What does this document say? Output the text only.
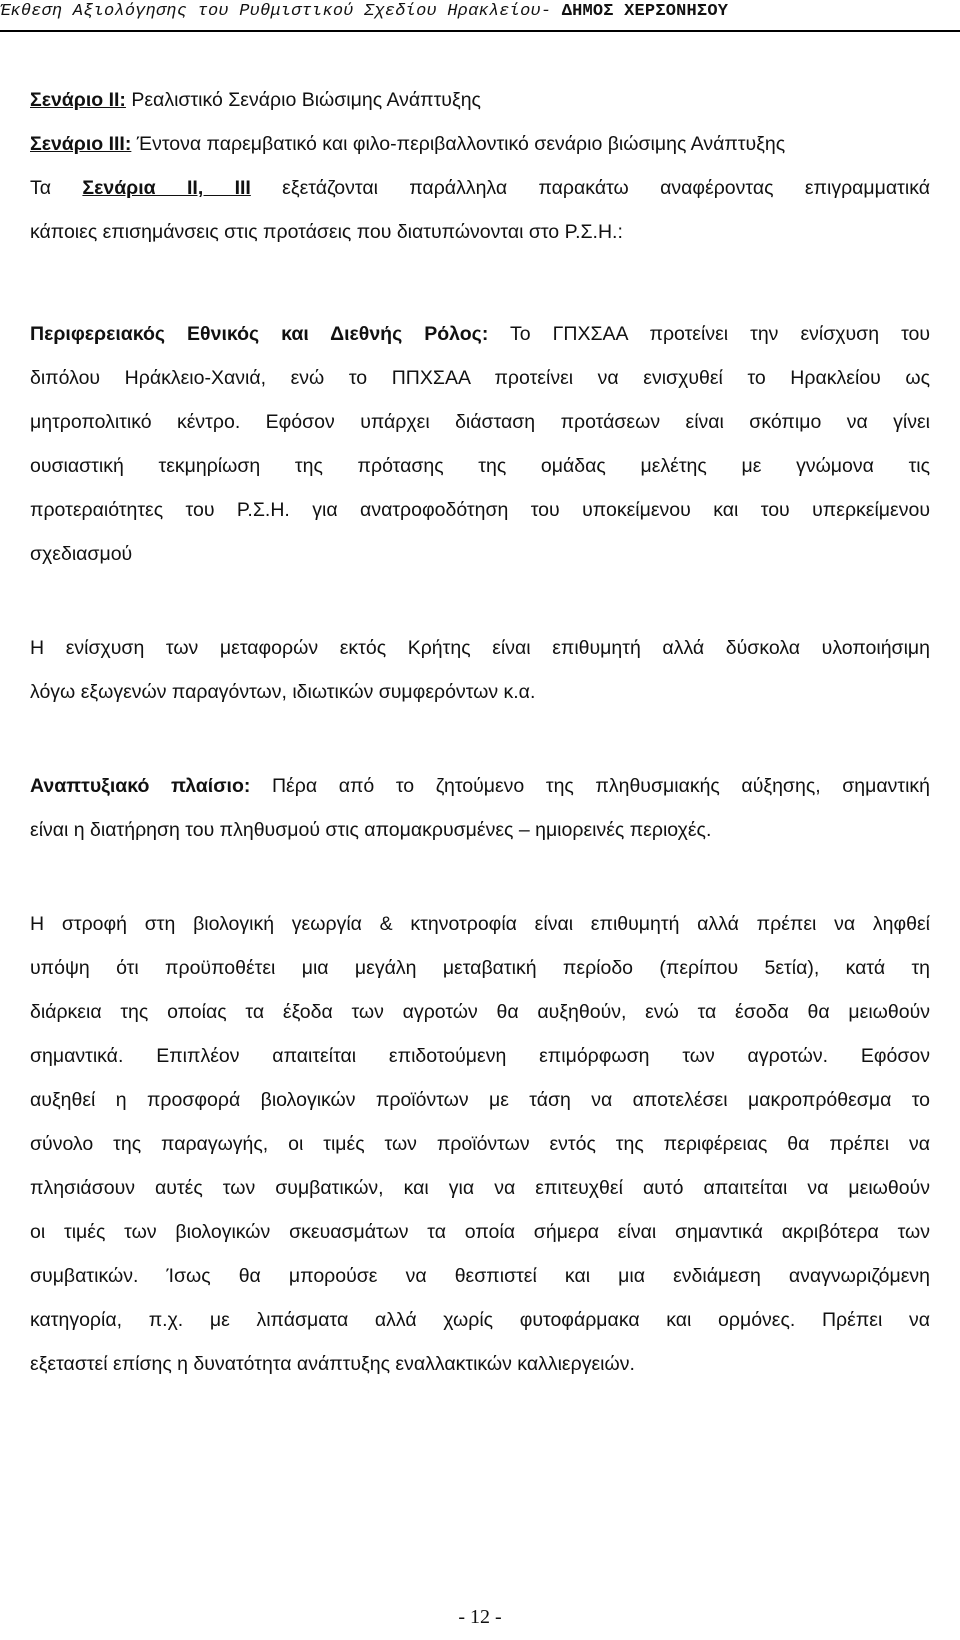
Έκθεση Αξιολόγησης του Ρυθμιστικού Σχεδίου Ηρακλείου- ΔΗΜΟΣ ΧΕΡΣΟΝΗΣΟΥ
Σενάριο ΙΙ: Ρεαλιστικό Σενάριο Βιώσιμης Ανάπτυξης
Σενάριο ΙΙΙ: Έντονα παρεμβατικό και φιλο-περιβαλλοντικό σενάριο βιώσιμης Ανάπτυξης
Τα Σενάρια ΙΙ, ΙΙΙ εξετάζονται παράλληλα παρακάτω αναφέροντας επιγραμματικά
κάποιες επισημάνσεις στις προτάσεις που διατυπώνονται στο Ρ.Σ.Η.:
Περιφερειακός Εθνικός και Διεθνής Ρόλος: Το ΓΠΧΣΑΑ προτείνει την ενίσχυση του
διπόλου Ηράκλειο-Χανιά, ενώ το ΠΠΧΣΑΑ προτείνει να ενισχυθεί το Ηρακλείου ως
μητροπολιτικό κέντρο. Εφόσον υπάρχει διάσταση προτάσεων είναι σκόπιμο να γίνει
ουσιαστική τεκμηρίωση της πρότασης της ομάδας μελέτης με γνώμονα τις
προτεραιότητες του Ρ.Σ.Η. για ανατροφοδότηση του υποκείμενου και του υπερκείμενου
σχεδιασμού
Η ενίσχυση των μεταφορών εκτός Κρήτης είναι επιθυμητή αλλά δύσκολα υλοποιήσιμη
λόγω εξωγενών παραγόντων, ιδιωτικών συμφερόντων κ.α.
Αναπτυξιακό πλαίσιο: Πέρα από το ζητούμενο της πληθυσμιακής αύξησης, σημαντική
είναι η διατήρηση του πληθυσμού στις απομακρυσμένες – ημιορεινές περιοχές.
Η στροφή στη βιολογική γεωργία & κτηνοτροφία είναι επιθυμητή αλλά πρέπει να ληφθεί
υπόψη ότι προϋποθέτει μια μεγάλη μεταβατική περίοδο (περίπου 5ετία), κατά τη
διάρκεια της οποίας τα έξοδα των αγροτών θα αυξηθούν, ενώ τα έσοδα θα μειωθούν
σημαντικά. Επιπλέον απαιτείται επιδοτούμενη επιμόρφωση των αγροτών. Εφόσον
αυξηθεί η προσφορά βιολογικών προϊόντων με τάση να αποτελέσει μακροπρόθεσμα το
σύνολο της παραγωγής, οι τιμές των προϊόντων εντός της περιφέρειας θα πρέπει να
πλησιάσουν αυτές των συμβατικών, και για να επιτευχθεί αυτό απαιτείται να μειωθούν
οι τιμές των βιολογικών σκευασμάτων τα οποία σήμερα είναι σημαντικά ακριβότερα των
συμβατικών. Ίσως θα μπορούσε να θεσπιστεί και μια ενδιάμεση αναγνωριζόμενη
κατηγορία, π.χ. με λιπάσματα αλλά χωρίς φυτοφάρμακα και ορμόνες. Πρέπει να
εξεταστεί επίσης η δυνατότητα ανάπτυξης εναλλακτικών καλλιεργειών.
- 12 -
